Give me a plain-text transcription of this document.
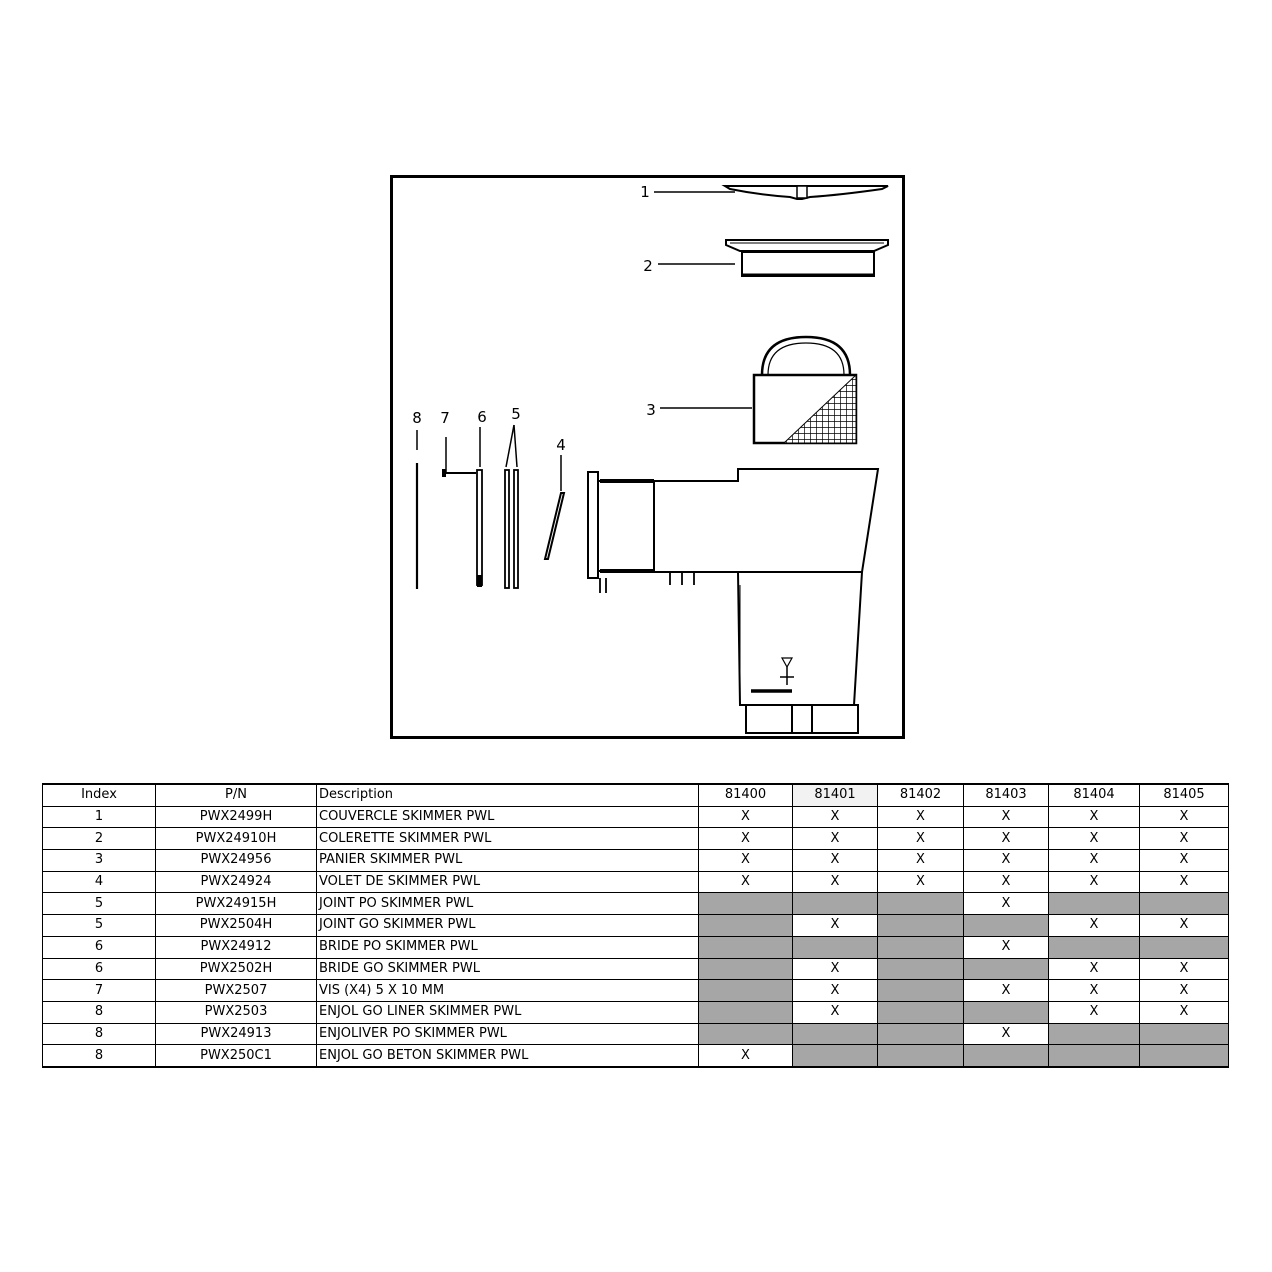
1
2
3
4
5
6
7
8
Index	P/N	Description	81400	81401	81402	81403	81404	81405
1	PWX2499H	COUVERCLE SKIMMER PWL	X	X	X	X	X	X
2	PWX24910H	COLERETTE SKIMMER PWL	X	X	X	X	X	X
3	PWX24956	PANIER SKIMMER PWL	X	X	X	X	X	X
4	PWX24924	VOLET DE SKIMMER PWL	X	X	X	X	X	X
5	PWX24915H	JOINT PO SKIMMER PWL				X		
5	PWX2504H	JOINT GO SKIMMER PWL		X			X	X
6	PWX24912	BRIDE PO SKIMMER PWL				X		
6	PWX2502H	BRIDE GO SKIMMER PWL		X			X	X
7	PWX2507	VIS (X4) 5 X 10 MM		X		X	X	X
8	PWX2503	ENJOL GO LINER SKIMMER PWL		X			X	X
8	PWX24913	ENJOLIVER PO SKIMMER PWL				X		
8	PWX250C1	ENJOL GO BETON SKIMMER PWL	X					
